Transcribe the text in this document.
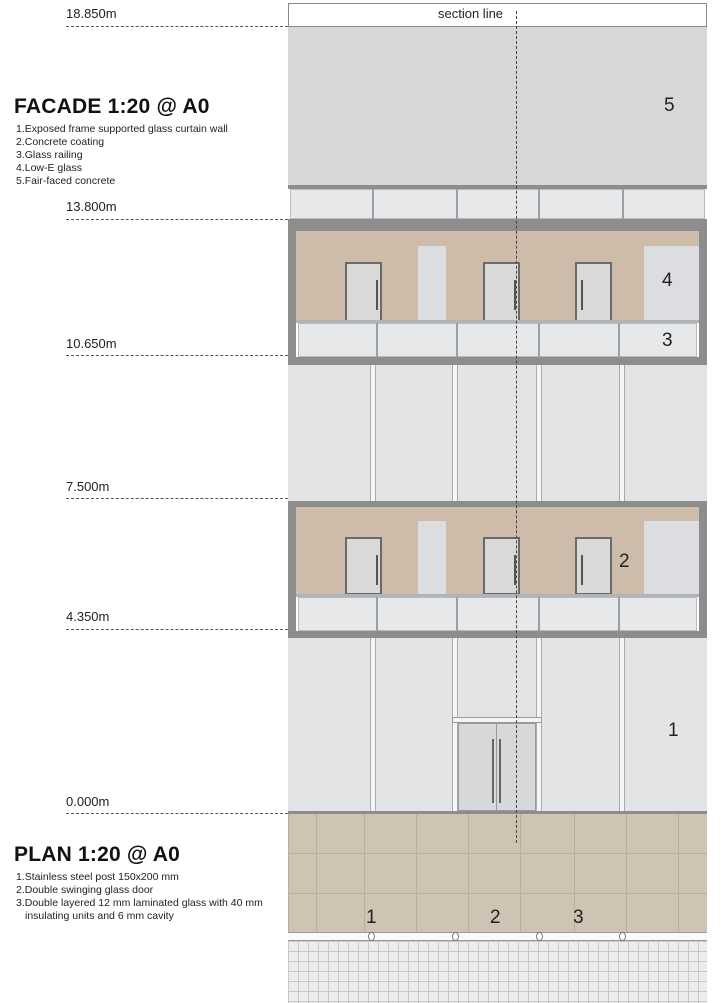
18.850m
13.800m
10.650m
7.500m
4.350m
0.000m
FACADE 1:20 @ A0
1.Exposed frame supported glass curtain wall
2.Concrete coating
3.Glass railing
4.Low-E glass
5.Fair-faced concrete
PLAN 1:20 @ A0
1.Stainless steel post 150x200 mm
2.Double swinging glass door
3.Double layered 12 mm laminated glass with 40 mm
insulating units and 6 mm cavity
section line
5
4
3
2
1
1	2	3
